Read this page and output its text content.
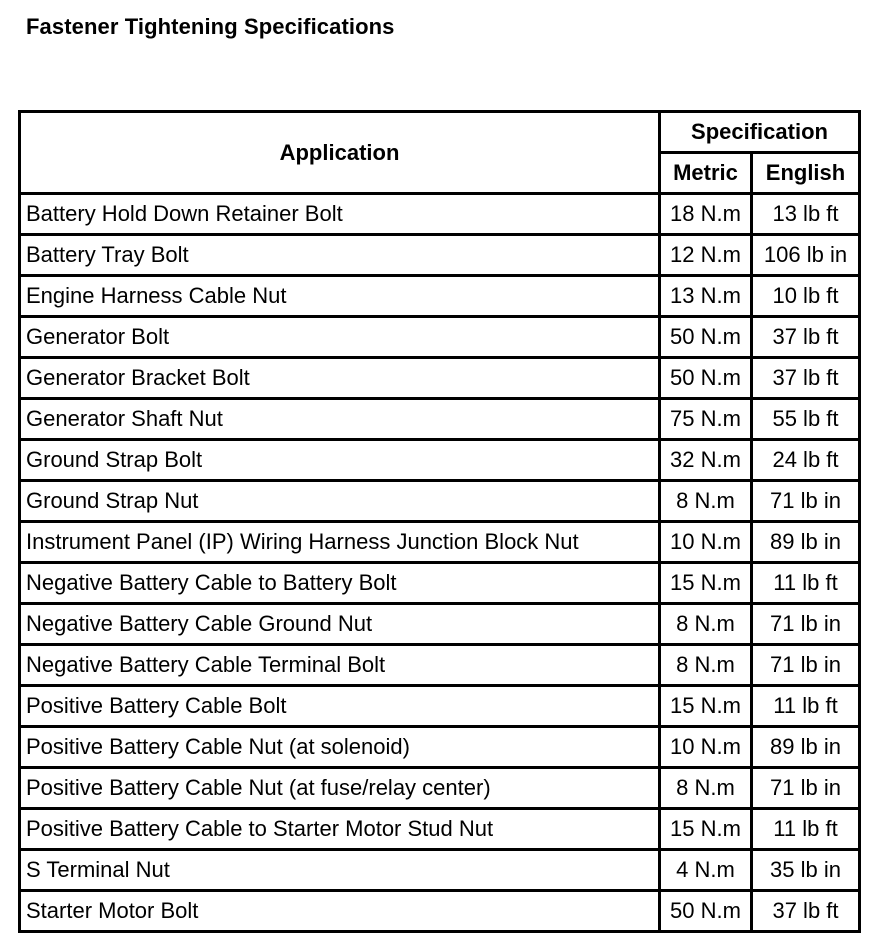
Fastener Tightening Specifications
Application	Specification	
	Metric	English
Battery Hold Down Retainer Bolt	18 N.m	13 lb ft
Battery Tray Bolt	12 N.m	106 lb in
Engine Harness Cable Nut	13 N.m	10 lb ft
Generator Bolt	50 N.m	37 lb ft
Generator Bracket Bolt	50 N.m	37 lb ft
Generator Shaft Nut	75 N.m	55 lb ft
Ground Strap Bolt	32 N.m	24 lb ft
Ground Strap Nut	8 N.m	71 lb in
Instrument Panel (IP) Wiring Harness Junction Block Nut	10 N.m	89 lb in
Negative Battery Cable to Battery Bolt	15 N.m	11 lb ft
Negative Battery Cable Ground Nut	8 N.m	71 lb in
Negative Battery Cable Terminal Bolt	8 N.m	71 lb in
Positive Battery Cable Bolt	15 N.m	11 lb ft
Positive Battery Cable Nut (at solenoid)	10 N.m	89 lb in
Positive Battery Cable Nut (at fuse/relay center)	8 N.m	71 lb in
Positive Battery Cable to Starter Motor Stud Nut	15 N.m	11 lb ft
S Terminal Nut	4 N.m	35 lb in
Starter Motor Bolt	50 N.m	37 lb ft
